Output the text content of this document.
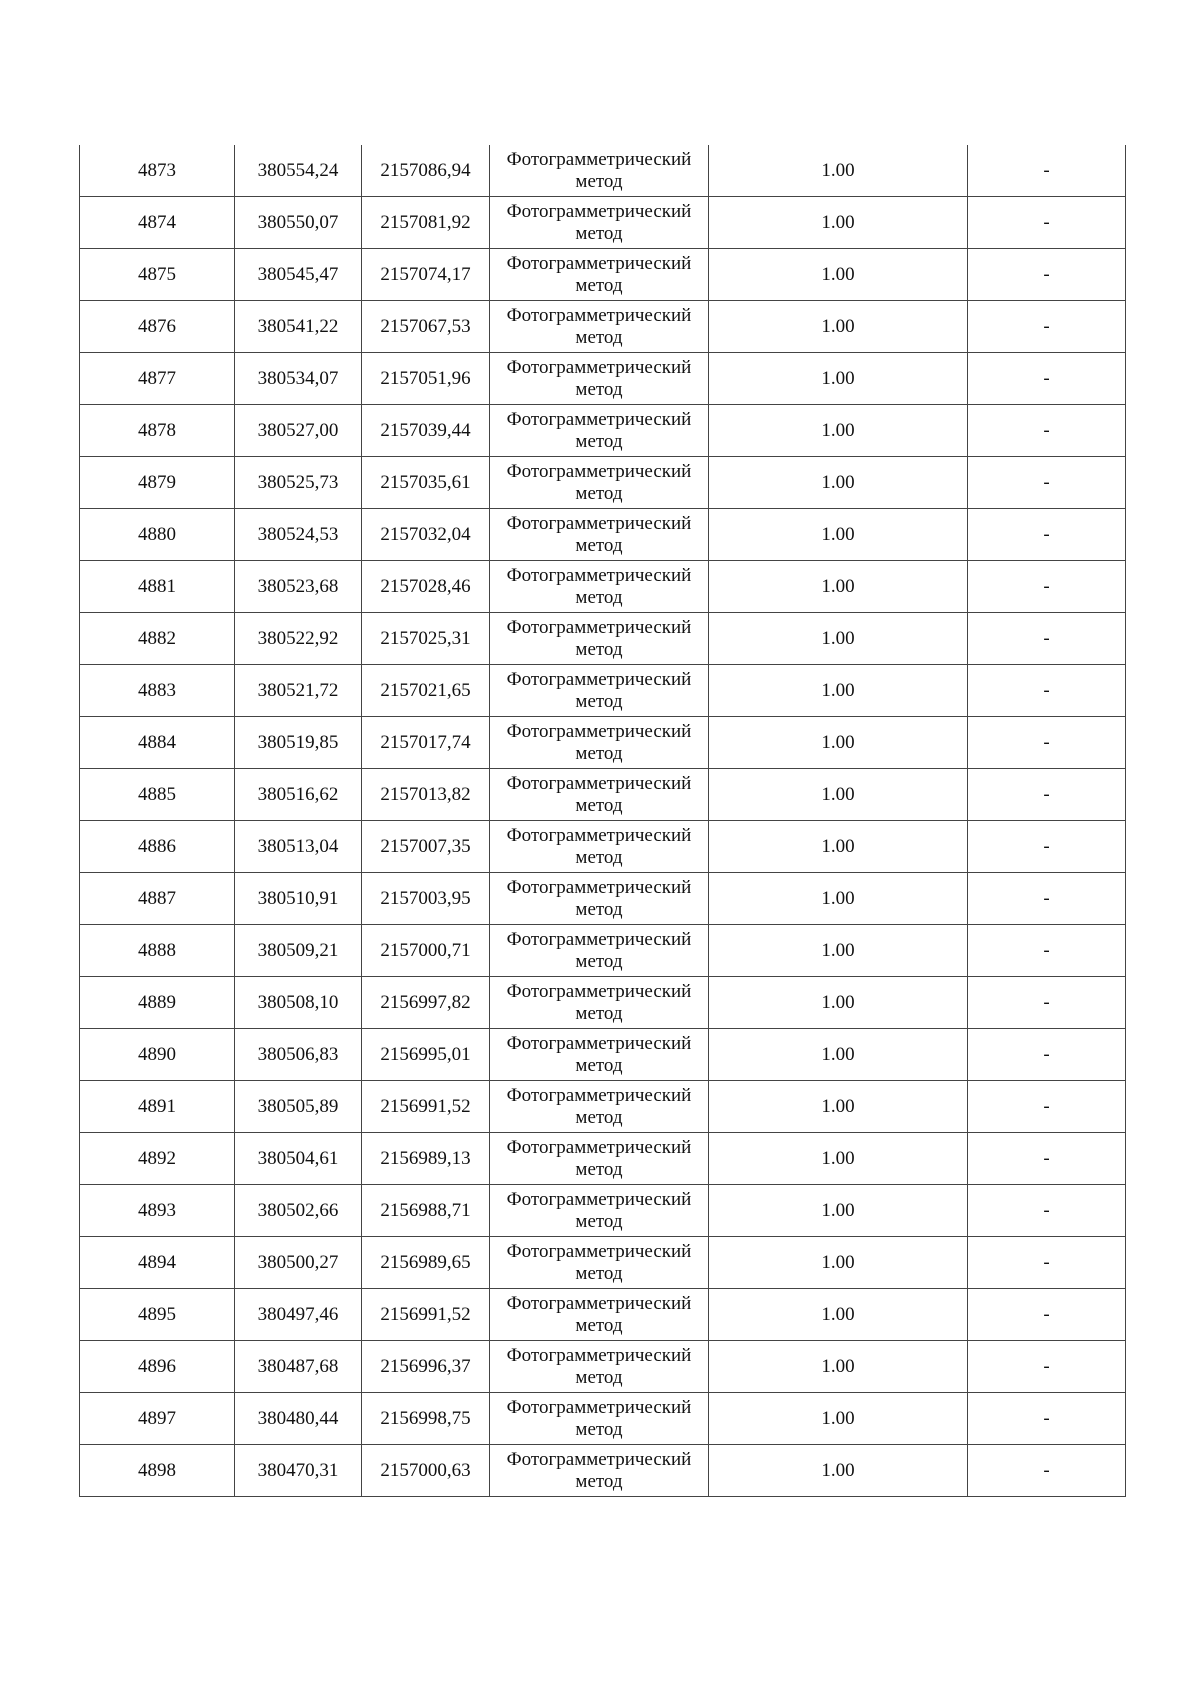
4873	380554,24	2157086,94	Фотограмметрический метод	1.00	-
4874	380550,07	2157081,92	Фотограмметрический метод	1.00	-
4875	380545,47	2157074,17	Фотограмметрический метод	1.00	-
4876	380541,22	2157067,53	Фотограмметрический метод	1.00	-
4877	380534,07	2157051,96	Фотограмметрический метод	1.00	-
4878	380527,00	2157039,44	Фотограмметрический метод	1.00	-
4879	380525,73	2157035,61	Фотограмметрический метод	1.00	-
4880	380524,53	2157032,04	Фотограмметрический метод	1.00	-
4881	380523,68	2157028,46	Фотограмметрический метод	1.00	-
4882	380522,92	2157025,31	Фотограмметрический метод	1.00	-
4883	380521,72	2157021,65	Фотограмметрический метод	1.00	-
4884	380519,85	2157017,74	Фотограмметрический метод	1.00	-
4885	380516,62	2157013,82	Фотограмметрический метод	1.00	-
4886	380513,04	2157007,35	Фотограмметрический метод	1.00	-
4887	380510,91	2157003,95	Фотограмметрический метод	1.00	-
4888	380509,21	2157000,71	Фотограмметрический метод	1.00	-
4889	380508,10	2156997,82	Фотограмметрический метод	1.00	-
4890	380506,83	2156995,01	Фотограмметрический метод	1.00	-
4891	380505,89	2156991,52	Фотограмметрический метод	1.00	-
4892	380504,61	2156989,13	Фотограмметрический метод	1.00	-
4893	380502,66	2156988,71	Фотограмметрический метод	1.00	-
4894	380500,27	2156989,65	Фотограмметрический метод	1.00	-
4895	380497,46	2156991,52	Фотограмметрический метод	1.00	-
4896	380487,68	2156996,37	Фотограмметрический метод	1.00	-
4897	380480,44	2156998,75	Фотограмметрический метод	1.00	-
4898	380470,31	2157000,63	Фотограмметрический метод	1.00	-
